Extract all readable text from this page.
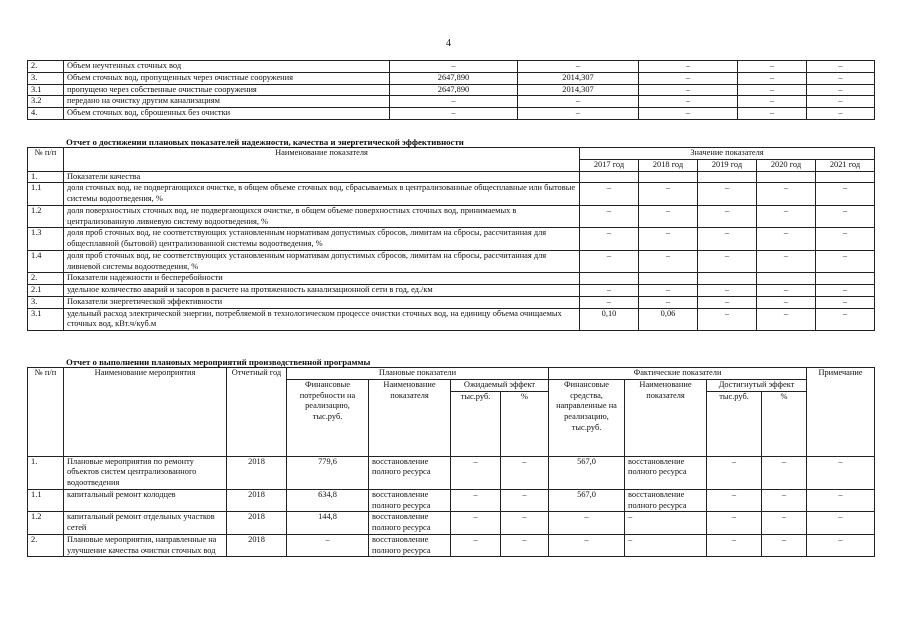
4
2.	Объем неучтенных сточных вод	–	–	–	–	–
3.	Объем сточных вод, пропущенных через очистные сооружения	2647,890	2014,307	–	–	–
3.1	пропущено через собственные очистные сооружения	2647,890	2014,307	–	–	–
3.2	передано на очистку другим канализациям	–	–	–	–	–
4.	Объем сточных вод, сброшенных без очистки	–	–	–	–	–
Отчет о достижении плановых показателей надежности, качества и энергетической эффективности
№ п/п	Наименование показателя	Значение показателя				
		2017 год	2018 год	2019 год	2020 год	2021 год
1.	Показатели качества					
1.1	доля сточных вод, не подвергающихся очистке, в общем объеме сточных вод, сбрасываемых в централизованные общесплавные или бытовые системы водоотведения, %	–	–	–	–	–
1.2	доля поверхностных сточных вод, не подвергающихся очистке, в общем объеме поверхностных сточных вод, принимаемых в централизованную ливневую систему водоотведения, %	–	–	–	–	–
1.3	доля проб сточных вод, не соответствующих установленным нормативам допустимых сбросов, лимитам на сбросы, рассчитанная для общесплавной (бытовой) централизованной системы водоотведения, %	–	–	–	–	–
1.4	доля проб сточных вод, не соответствующих установленным нормативам допустимых сбросов, лимитам на сбросы, рассчитанная для ливневой системы водоотведения, %	–	–	–	–	–
2.	Показатели надежности и бесперебойности					
2.1	удельное количество аварий и засоров в расчете на протяженность канализационной сети в год, ед./км	–	–	–	–	–
3.	Показатели энергетической эффективности	–	–	–	–	–
3.1	удельный расход электрической энергии, потребляемой в технологическом процессе очистки сточных вод, на единицу объема очищаемых сточных вод, кВт.ч/куб.м	0,10	0,06	–	–	–
Отчет о выполнении плановых мероприятий производственной программы
№ п/п	Наименование мероприятия	Отчетный год	Плановые показатели				Фактические показатели				Примечание
			Финансовые потребности на реализацию, тыс.руб.	Наименование показателя	Ожидаемый эффект		Финансовые средства, направленные на реализацию, тыс.руб.	Наименование показателя	Достигнутый эффект		
					тыс.руб.	%			тыс.руб.	%	
1.	Плановые мероприятия по ремонту объектов систем централизованного водоотведения	2018	779,6	восстановление полного ресурса	–	–	567,0	восстановление полного ресурса	–	–	–
1.1	капитальный ремонт колодцев	2018	634,8	восстановление полного ресурса	–	–	567,0	восстановление полного ресурса	–	–	–
1.2	капитальный ремонт отдельных участков сетей	2018	144,8	восстановление полного ресурса	–	–	–	–	–	–	–
2.	Плановые мероприятия, направленные на улучшение качества очистки сточных вод	2018	–	восстановление полного ресурса	–	–	–	–	–	–	–
